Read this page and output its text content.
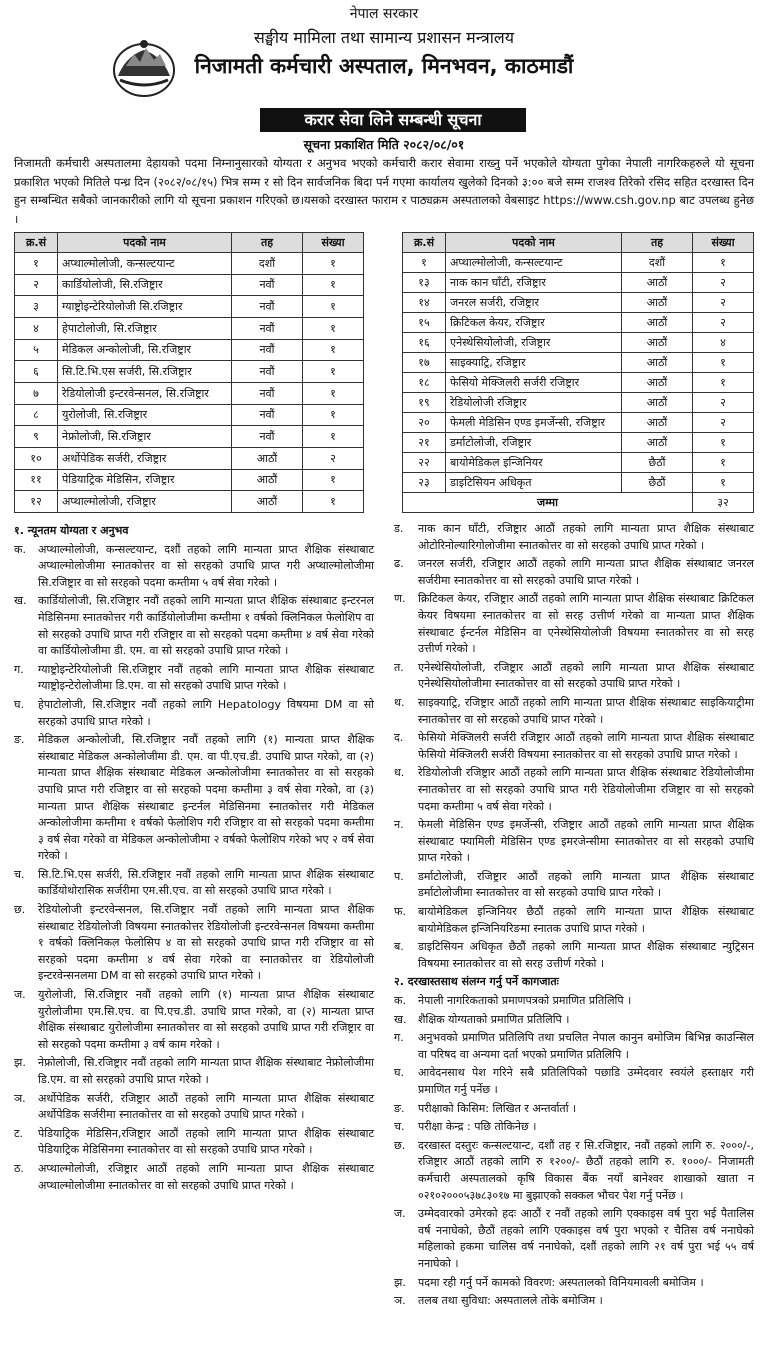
नेपाल सरकार
सङ्घीय मामिला तथा सामान्य प्रशासन मन्त्रालय
निजामती कर्मचारी अस्पताल, मिनभवन, काठमाडौं
करार सेवा लिने सम्बन्धी सूचना
सूचना प्रकाशित मिति २०८२/०८/०१
निजामती कर्मचारी अस्पतालमा देहायको पदमा निम्नानुसारको योग्यता र अनुभव भएको कर्मचारी करार सेवामा राख्नु पर्ने भएकोले योग्यता पुगेका नेपाली नागरिकहरुले यो सूचना प्रकाशित भएको मितिले पन्ध्र दिन (२०८२/०८/१५) भित्र सम्म र सो दिन सार्वजनिक बिदा पर्न गएमा कार्यालय खुलेको दिनको ३:०० बजे सम्म राजश्व तिरेको रसिद सहित दरखास्त दिन हुन सम्बन्धित सबैको जानकारीको लागि यो सूचना प्रकाशन गरिएको छ।यसको दरखास्त फाराम र पाठ्यक्रम अस्पतालको वेबसाइट https://www.csh.gov.np बाट उपलब्ध हुनेछ ।
क्र.सं	पदको नाम	तह	संख्या
१	अप्थाल्मोलोजी, कन्सल्टयान्ट	दशौं	१
२	कार्डियोलोजी, सि.रजिष्ट्रार	नवौं	१
३	ग्याष्ट्रोइन्टेरियोलोजी सि.रजिष्ट्रार	नवौं	१
४	हेपाटोलोजी, सि.रजिष्ट्रार	नवौं	१
५	मेडिकल अन्कोलोजी, सि.रजिष्ट्रार	नवौं	१
६	सि.टि.भि.एस सर्जरी, सि.रजिष्ट्रार	नवौं	१
७	रेडियोलोजी इन्टरवेन्सनल, सि.रजिष्ट्रार	नवौं	१
८	युरोलोजी, सि.रजिष्ट्रार	नवौं	१
९	नेफ्रोलोजी, सि.रजिष्ट्रार	नवौं	१
१०	अर्थोपेडिक सर्जरी, रजिष्ट्रार	आठौं	२
११	पेडियाट्रिक मेडिसिन, रजिष्ट्रार	आठौं	१
१२	अप्थाल्मोलोजी, रजिष्ट्रार	आठौं	१
क्र.सं	पदको नाम	तह	संख्या
१	अप्थाल्मोलोजी, कन्सल्टयान्ट	दशौं	१
१३	नाक कान घाँटी, रजिष्ट्रार	आठौं	२
१४	जनरल सर्जरी, रजिष्ट्रार	आठौं	२
१५	क्रिटिकल केयर, रजिष्ट्रार	आठौं	२
१६	एनेस्थेसियोलोजी, रजिष्ट्रार	आठौं	४
१७	साइक्याट्रि, रजिष्ट्रार	आठौं	१
१८	फेसियो मेक्जिलरी सर्जरी रजिष्ट्रार	आठौं	१
१९	रेडियोलोजी रजिष्ट्रार	आठौं	२
२०	फेमली मेडिसिन एण्ड इमर्जेन्सी, रजिष्ट्रार	आठौं	२
२१	डर्माटोलोजी, रजिष्ट्रार	आठौं	१
२२	बायोमेडिकल इन्जिनियर	छैठौं	१
२३	डाइटिसियन अधिकृत	छैठौं	१
जम्मा			३२
१. न्यूनतम योग्यता र अनुभव
क.	अप्थाल्मोलोजी, कन्सल्टयान्ट, दशौं तहको लागि मान्यता प्राप्त शैक्षिक संस्थाबाट अप्थाल्मोलोजीमा स्नातकोत्तर वा सो सरहको उपाधि प्राप्त गरी अप्थाल्मोलोजीमा सि.रजिष्ट्रार वा सो सरहको पदमा कम्तीमा ५ वर्ष सेवा गरेको ।
ख.	कार्डियोलोजी, सि.रजिष्ट्रार नवौं तहको लागि मान्यता प्राप्त शैक्षिक संस्थाबाट इन्टरनल मेडिसिनमा स्नातकोत्तर गरी कार्डियोलोजीमा कम्तीमा १ वर्षको क्लिनिकल फेलोशिप वा सो सरहको उपाधि प्राप्त गरी रजिष्ट्रार वा सो सरहको पदमा कम्तीमा ४ वर्ष सेवा गरेको वा कार्डियोलोजीमा डी. एम. वा सो सरहको उपाधि प्राप्त गरेको ।
ग.	ग्याष्ट्रोइन्टेरियोलोजी सि.रजिष्ट्रार नवौं तहको लागि मान्यता प्राप्त शैक्षिक संस्थाबाट ग्याष्ट्रोइन्टेरोलोजीमा डि.एम. वा सो सरहको उपाधि प्राप्त गरेको ।
घ.	हेपाटोलोजी, सि.रजिष्ट्रार नवौं तहको लागि Hepatology विषयमा DM वा सो सरहको उपाधि प्राप्त गरेको ।
ङ.	मेडिकल अन्कोलोजी, सि.रजिष्ट्रार नवौं तहको लागि (१) मान्यता प्राप्त शैक्षिक संस्थाबाट मेडिकल अन्कोलोजीमा डी. एम. वा पी.एच.डी. उपाधि प्राप्त गरेको, वा (२) मान्यता प्राप्त शैक्षिक संस्थाबाट मेडिकल अन्कोलोजीमा स्नातकोत्तर वा सो सरहको उपाधि प्राप्त गरी रजिष्ट्रार वा सो सरहको पदमा कम्तीमा ३ वर्ष सेवा गरेको, वा (३) मान्यता प्राप्त शैक्षिक संस्थाबाट इन्टर्नल मेडिसिनमा स्नातकोत्तर गरी मेडिकल अन्कोलोजीमा कम्तीमा १ वर्षको फेलोशिप गरी रजिष्ट्रार वा सो सरहको पदमा कम्तीमा ३ वर्ष सेवा गरेको वा मेडिकल अन्कोलोजीमा २ वर्षको फेलोशिप गरेको भए २ वर्ष सेवा गरेको ।
च.	सि.टि.भि.एस सर्जरी, सि.रजिष्ट्रार नवौं तहको लागि मान्यता प्राप्त शैक्षिक संस्थाबाट कार्डियोथोरासिक सर्जरीमा एम.सी.एच. वा सो सरहको उपाधि प्राप्त गरेको ।
छ.	रेडियोलोजी इन्टरवेन्सनल, सि.रजिष्ट्रार नवौं तहको लागि मान्यता प्राप्त शैक्षिक संस्थाबाट रेडियोलोजी विषयमा स्नातकोत्तर रेडियोलोजी इन्टरवेन्सनल विषयमा कम्तीमा १ वर्षको क्लिनिकल फेलोसिप ४ वा सो सरहको उपाधि प्राप्त गरी रजिष्ट्रार वा सो सरहको पदमा कम्तीमा ४ वर्ष सेवा गरेको वा स्नातकोत्तर वा रेडियोलोजी इन्टरवेन्सनलमा DM वा सो सरहको उपाधि प्राप्त गरेको ।
ज.	युरोलोजी, सि.रजिष्ट्रार नवौं तहको लागि (१) मान्यता प्राप्त शैक्षिक संस्थाबाट युरोलोजीमा एम.सि.एच. वा पि.एच.डी. उपाधि प्राप्त गरेको, वा (२) मान्यता प्राप्त शैक्षिक संस्थाबाट युरोलोजीमा स्नातकोत्तर वा सो सरहको उपाधि प्राप्त गरी रजिष्ट्रार वा सो सरहको पदमा कम्तीमा ३ वर्ष काम गरेको ।
झ.	नेफ्रोलोजी, सि.रजिष्ट्रार नवौं तहको लागि मान्यता प्राप्त शैक्षिक संस्थाबाट नेफ्रोलोजीमा डि.एम. वा सो सरहको उपाधि प्राप्त गरेको ।
ञ.	अर्थोपेडिक सर्जरी, रजिष्ट्रार आठौं तहको लागि मान्यता प्राप्त शैक्षिक संस्थाबाट अर्थोपेडिक सर्जरीमा स्नातकोत्तर वा सो सरहको उपाधि प्राप्त गरेको ।
ट.	पेडियाट्रिक मेडिसिन,रजिष्ट्रार आठौं तहको लागि मान्यता प्राप्त शैक्षिक संस्थाबाट पेडियाट्रिक मेडिसिनमा स्नातकोत्तर वा सो सरहको उपाधि प्राप्त गरेको ।
ठ.	अप्थाल्मोलोजी, रजिष्ट्रार आठौं तहको लागि मान्यता प्राप्त शैक्षिक संस्थाबाट अप्थाल्मोलोजीमा स्नातकोत्तर वा सो सरहको उपाधि प्राप्त गरेको ।
ड.	नाक कान घाँटी, रजिष्ट्रार आठौं तहको लागि मान्यता प्राप्त शैक्षिक संस्थाबाट ओटोरिनोल्यारिगोलोजीमा स्नातकोत्तर वा सो सरहको उपाधि प्राप्त गरेको ।
ढ.	जनरल सर्जरी, रजिष्ट्रार आठौं तहको लागि मान्यता प्राप्त शैक्षिक संस्थाबाट जनरल सर्जरीमा स्नातकोत्तर वा सो सरहको उपाधि प्राप्त गरेको ।
ण.	क्रिटिकल केयर, रजिष्ट्रार आठौं तहको लागि मान्यता प्राप्त शैक्षिक संस्थाबाट क्रिटिकल केयर विषयमा स्नातकोत्तर वा सो सरह उत्तीर्ण गरेको वा मान्यता प्राप्त शैक्षिक संस्थाबाट ईन्टर्नल मेडिसिन वा एनेस्थेसियोलोजी विषयमा स्नातकोत्तर वा सो सरह उत्तीर्ण गरेको ।
त.	एनेस्थेसियोलोजी, रजिष्ट्रार आठौं तहको लागि मान्यता प्राप्त शैक्षिक संस्थाबाट एनेस्थेसियोलोजीमा स्नातकोत्तर वा सो सरहको उपाधि प्राप्त गरेको ।
थ.	साइक्याट्रि, रजिष्ट्रार आठौं तहको लागि मान्यता प्राप्त शैक्षिक संस्थाबाट साइकियाट्रीमा स्नातकोत्तर वा सो सरहको उपाधि प्राप्त गरेको ।
द.	फेसियो मेक्जिलरी सर्जरी रजिष्ट्रार आठौं तहको लागि मान्यता प्राप्त शैक्षिक संस्थाबाट फेसियो मेक्जिलरी सर्जरी विषयमा स्नातकोत्तर वा सो सरहको उपाधि प्राप्त गरेको ।
ध.	रेडियोलोजी रजिष्ट्रार आठौं तहको लागि मान्यता प्राप्त शैक्षिक संस्थाबाट रेडियोलोजीमा स्नातकोत्तर वा सो सरहको उपाधि प्राप्त गरी रेडियोलोजीमा रजिष्ट्रार वा सो सरहको पदमा कम्तीमा ५ वर्ष सेवा गरेको ।
न.	फेमली मेडिसिन एण्ड इमर्जेन्सी, रजिष्ट्रार आठौं तहको लागि मान्यता प्राप्त शैक्षिक संस्थाबाट फ्यामिली मेडिसिन एण्ड इमरजेन्सीमा स्नातकोत्तर वा सो सरहको उपाधि प्राप्त गरेको ।
प.	डर्माटोलोजी, रजिष्ट्रार आठौं तहको लागि मान्यता प्राप्त शैक्षिक संस्थाबाट डर्माटोलोजीमा स्नातकोत्तर वा सो सरहको उपाधि प्राप्त गरेको ।
फ.	बायोमेडिकल इन्जिनियर छैठौं तहको लागि मान्यता प्राप्त शैक्षिक संस्थाबाट बायोमेडिकल इन्जिनियरिङमा स्नातक उपाधि प्राप्त गरेको ।
ब.	डाइटिसियन अधिकृत छैठौं तहको लागि मान्यता प्राप्त शैक्षिक संस्थाबाट न्युट्रिसन विषयमा स्नातकोत्तर वा सो सरह उत्तीर्ण गरेको ।
२. दरखास्तसाथ संलग्न गर्नु पर्ने कागजातः
क.	नेपाली नागरिकताको प्रमाणपत्रको प्रमाणित प्रतिलिपि ।
ख.	शैक्षिक योग्यताको प्रमाणित प्रतिलिपि ।
ग.	अनुभवको प्रमाणित प्रतिलिपि तथा प्रचलित नेपाल कानुन बमोजिम बिभिन्न काउन्सिल वा परिषद वा अन्यमा दर्ता भएको प्रमाणित प्रतिलिपि ।
घ.	आवेदनसाथ पेश गरिने सबै प्रतिलिपिको पछाडि उम्मेदवार स्वयंले हस्ताक्षर गरी प्रमाणित गर्नु पर्नेछ ।
ङ.	परीक्षाको किसिम: लिखित र अन्तर्वार्ता ।
च.	परीक्षा केन्द्र : पछि तोकिनेछ ।
छ.	दरखास्त दस्तुरः कन्सल्टयान्ट, दशौं तह र सि.रजिष्ट्रार, नवौं तहको लागि रु. २०००/-, रजिष्ट्रार आठौं तहको लागि रु १२००/- छैठौं तहको लागि रु. १०००/- निजामती कर्मचारी अस्पतालको कृषि विकास बैंक नयाँ बानेश्वर शाखाको खाता न ०२१०२०००५३७८३०१७ मा बुझाएको सक्कल भौचर पेश गर्नु पर्नेछ ।
ज.	उम्मेदवारको उमेरको हदः आठौं र नवौं तहको लागि एक्काइस वर्ष पुरा भई पैतालिस वर्ष ननाघेको, छैठौं तहको लागि एक्काइस वर्ष पुरा भएको र चैतिस वर्ष ननाघेको महिलाको हकमा चालिस वर्ष ननाघेको, दशौं तहको लागि २१ वर्ष पुरा भई ५५ वर्ष ननाघेको ।
झ.	पदमा रही गर्नु पर्ने कामको विवरण: अस्पतालको विनियमावली बमोजिम ।
ञ.	तलब तथा सुविधा: अस्पतालले तोके बमोजिम ।
